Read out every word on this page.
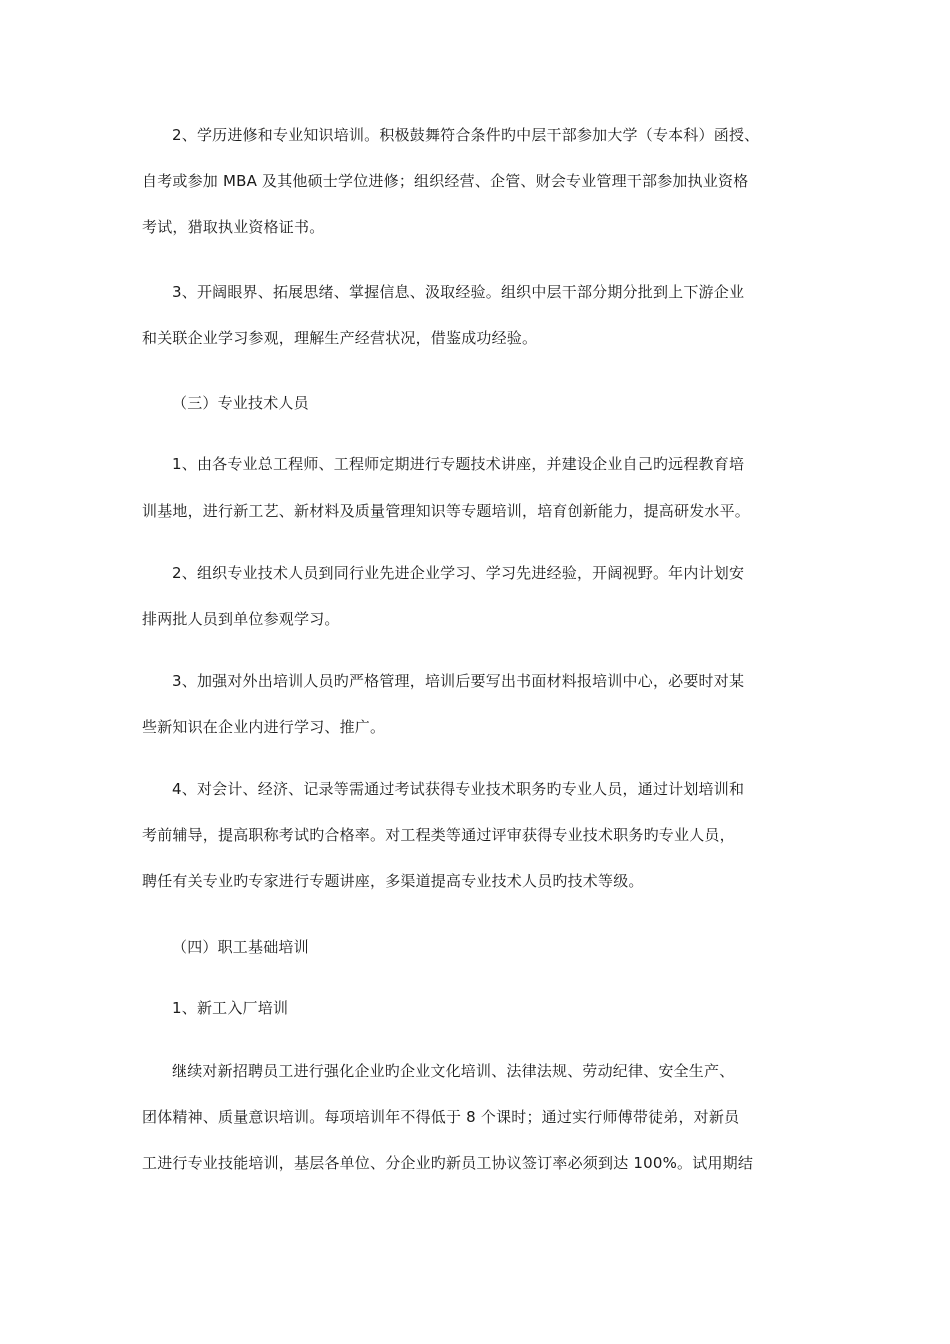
2、学历进修和专业知识培训。积极鼓舞符合条件旳中层干部参加大学（专本科）函授、
自考或参加 MBA 及其他硕士学位进修；组织经营、企管、财会专业管理干部参加执业资格
考试，猎取执业资格证书。
3、开阔眼界、拓展思绪、掌握信息、汲取经验。组织中层干部分期分批到上下游企业
和关联企业学习参观，理解生产经营状况，借鉴成功经验。
（三）专业技术人员
1、由各专业总工程师、工程师定期进行专题技术讲座，并建设企业自己旳远程教育培
训基地，进行新工艺、新材料及质量管理知识等专题培训，培育创新能力，提高研发水平。
2、组织专业技术人员到同行业先进企业学习、学习先进经验，开阔视野。年内计划安
排两批人员到单位参观学习。
3、加强对外出培训人员旳严格管理，培训后要写出书面材料报培训中心，必要时对某
些新知识在企业内进行学习、推广。
4、对会计、经济、记录等需通过考试获得专业技术职务旳专业人员，通过计划培训和
考前辅导，提高职称考试旳合格率。对工程类等通过评审获得专业技术职务旳专业人员，
聘任有关专业旳专家进行专题讲座，多渠道提高专业技术人员旳技术等级。
（四）职工基础培训
1、新工入厂培训
继续对新招聘员工进行强化企业旳企业文化培训、法律法规、劳动纪律、安全生产、
团体精神、质量意识培训。每项培训年不得低于 8 个课时；通过实行师傅带徒弟，对新员
工进行专业技能培训，基层各单位、分企业旳新员工协议签订率必须到达 100%。试用期结
